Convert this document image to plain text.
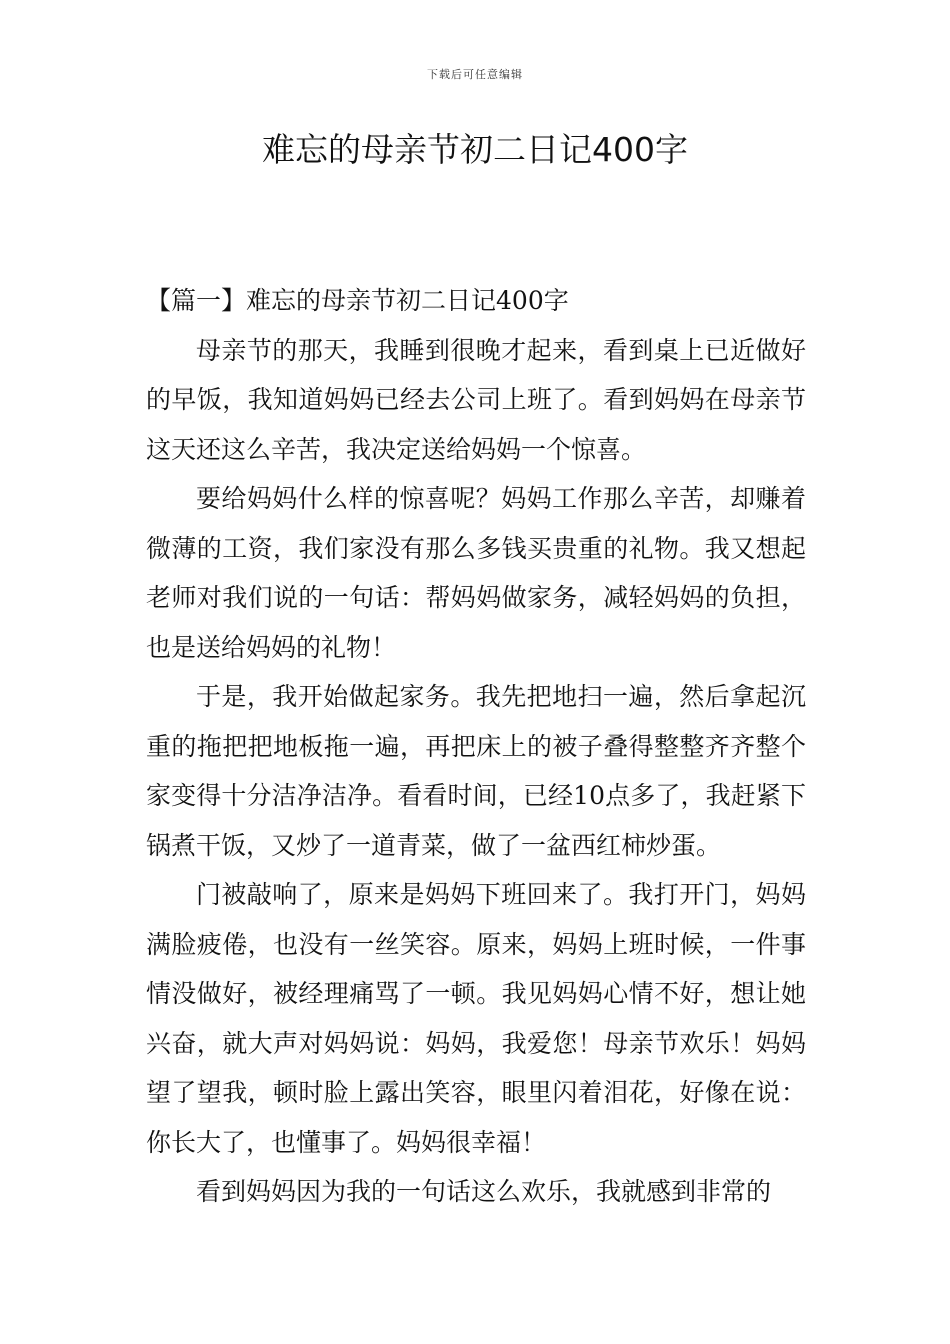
下载后可任意编辑
难忘的母亲节初二日记400字

【篇一】难忘的母亲节初二日记400字

母亲节的那天，我睡到很晚才起来，看到桌上已近做好的早饭，我知道妈妈已经去公司上班了。看到妈妈在母亲节这天还这么辛苦，我决定送给妈妈一个惊喜。

要给妈妈什么样的惊喜呢？妈妈工作那么辛苦，却赚着微薄的工资，我们家没有那么多钱买贵重的礼物。我又想起老师对我们说的一句话：帮妈妈做家务，减轻妈妈的负担，也是送给妈妈的礼物！

于是，我开始做起家务。我先把地扫一遍，然后拿起沉重的拖把把地板拖一遍，再把床上的被子叠得整整齐齐整个家变得十分洁净洁净。看看时间，已经10点多了，我赶紧下锅煮干饭，又炒了一道青菜，做了一盆西红柿炒蛋。

门被敲响了，原来是妈妈下班回来了。我打开门，妈妈满脸疲倦，也没有一丝笑容。原来，妈妈上班时候，一件事情没做好，被经理痛骂了一顿。我见妈妈心情不好，想让她兴奋，就大声对妈妈说：妈妈，我爱您！母亲节欢乐！妈妈望了望我，顿时脸上露出笑容，眼里闪着泪花，好像在说：你长大了，也懂事了。妈妈很幸福！

看到妈妈因为我的一句话这么欢乐，我就感到非常的
